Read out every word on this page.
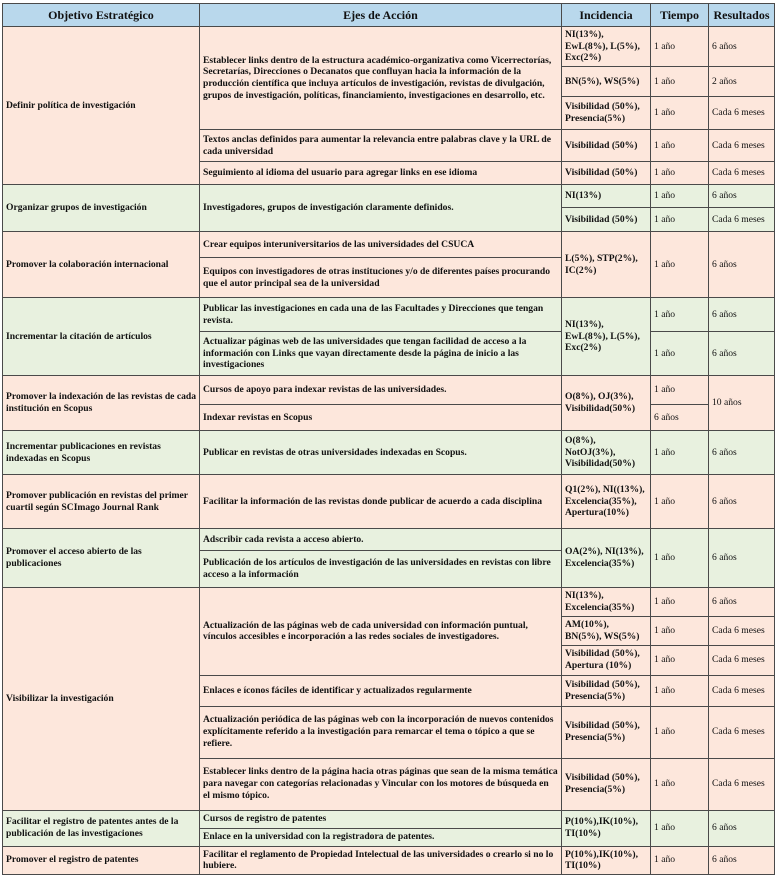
Objetivo Estratégico	Ejes de Acción	Incidencia	Tiempo	Resultados
Definir política de investigación	Establecer links dentro de la estructura académico-organizativa como Vicerrectorías, Secretarías, Direcciones o Decanatos que confluyan hacia la información de la producción científica que incluya artículos de investigación, revistas de divulgación, grupos de investigación, políticas, financiamiento, investigaciones en desarrollo, etc.	NI(13%), EwL(8%), L(5%), Exc(2%)	1 año	6 años
		BN(5%), WS(5%)	1 año	2 años
		Visibilidad (50%), Presencia(5%)	1 año	Cada 6 meses
	Textos anclas definidos para aumentar la relevancia entre palabras clave y la URL de cada universidad	Visibilidad (50%)	1 año	Cada 6 meses
	Seguimiento al idioma del usuario para agregar links en ese idioma	Visibilidad (50%)	1 año	Cada 6 meses
Organizar grupos de investigación	Investigadores, grupos de investigación claramente definidos.	NI(13%)	1 año	6 años
		Visibilidad (50%)	1 año	Cada 6 meses
Promover la colaboración internacional	Crear equipos interuniversitarios de las universidades del CSUCA	L(5%), STP(2%), IC(2%)	1 año	6 años
	Equipos con investigadores de otras instituciones y/o de diferentes países procurando que el autor principal sea de la universidad			
Incrementar la citación de artículos	Publicar las investigaciones en cada una de las Facultades y Direcciones que tengan revista.	NI(13%), EwL(8%), L(5%), Exc(2%)	1 año	6 años
	Actualizar páginas web de las universidades que tengan facilidad de acceso a la información con Links que vayan directamente desde la página de inicio a las investigaciones		1 año	6 años
Promover la indexación de las revistas de cada institución en Scopus	Cursos de apoyo para indexar revistas de las universidades.	O(8%), OJ(3%), Visibilidad(50%)	1 año	10 años
	Indexar revistas en Scopus		6 años	
Incrementar publicaciones en revistas indexadas en Scopus	Publicar en revistas de otras universidades indexadas en Scopus.	O(8%), NotOJ(3%), Visibilidad(50%)	1 año	6 años
Promover publicación en revistas del primer cuartil según SCImago Journal Rank	Facilitar la información de las revistas donde publicar de acuerdo a cada disciplina	Q1(2%), NI((13%), Excelencia(35%), Apertura(10%)	1 año	6 años
Promover el acceso abierto de las publicaciones	Adscribir cada revista a acceso abierto.	OA(2%), NI(13%), Excelencia(35%)	1 año	6 años
	Publicación de los artículos de investigación de las universidades en revistas con libre acceso a la información			
Visibilizar la investigación	Actualización de las páginas web de cada universidad con información puntual, vínculos accesibles e incorporación a las redes sociales de investigadores.	NI(13%), Excelencia(35%)	1 año	6 años
		AM(10%), BN(5%), WS(5%)	1 año	Cada 6 meses
		Visibilidad (50%), Apertura (10%)	1 año	Cada 6 meses
	Enlaces e íconos fáciles de identificar y actualizados regularmente	Visibilidad (50%), Presencia(5%)	1 año	Cada 6 meses
	Actualización periódica de las páginas web con la incorporación de nuevos contenidos explícitamente referido a la investigación para remarcar el tema o tópico a que se refiere.	Visibilidad (50%), Presencia(5%)	1 año	Cada 6 meses
	Establecer links dentro de la página hacia otras páginas que sean de la misma temática para navegar con categorías relacionadas y Vincular con los motores de búsqueda en el mismo tópico.	Visibilidad (50%), Presencia(5%)	1 año	Cada 6 meses
Facilitar el registro de patentes antes de la publicación de las investigaciones	Cursos de registro de patentes	P(10%),IK(10%), TI(10%)	1 año	6 años
	Enlace en la universidad con la registradora de patentes.			
Promover el registro de patentes	Facilitar el reglamento de Propiedad Intelectual de las universidades o crearlo si no lo hubiere.	P(10%),IK(10%), TI(10%)	1 año	6 años
